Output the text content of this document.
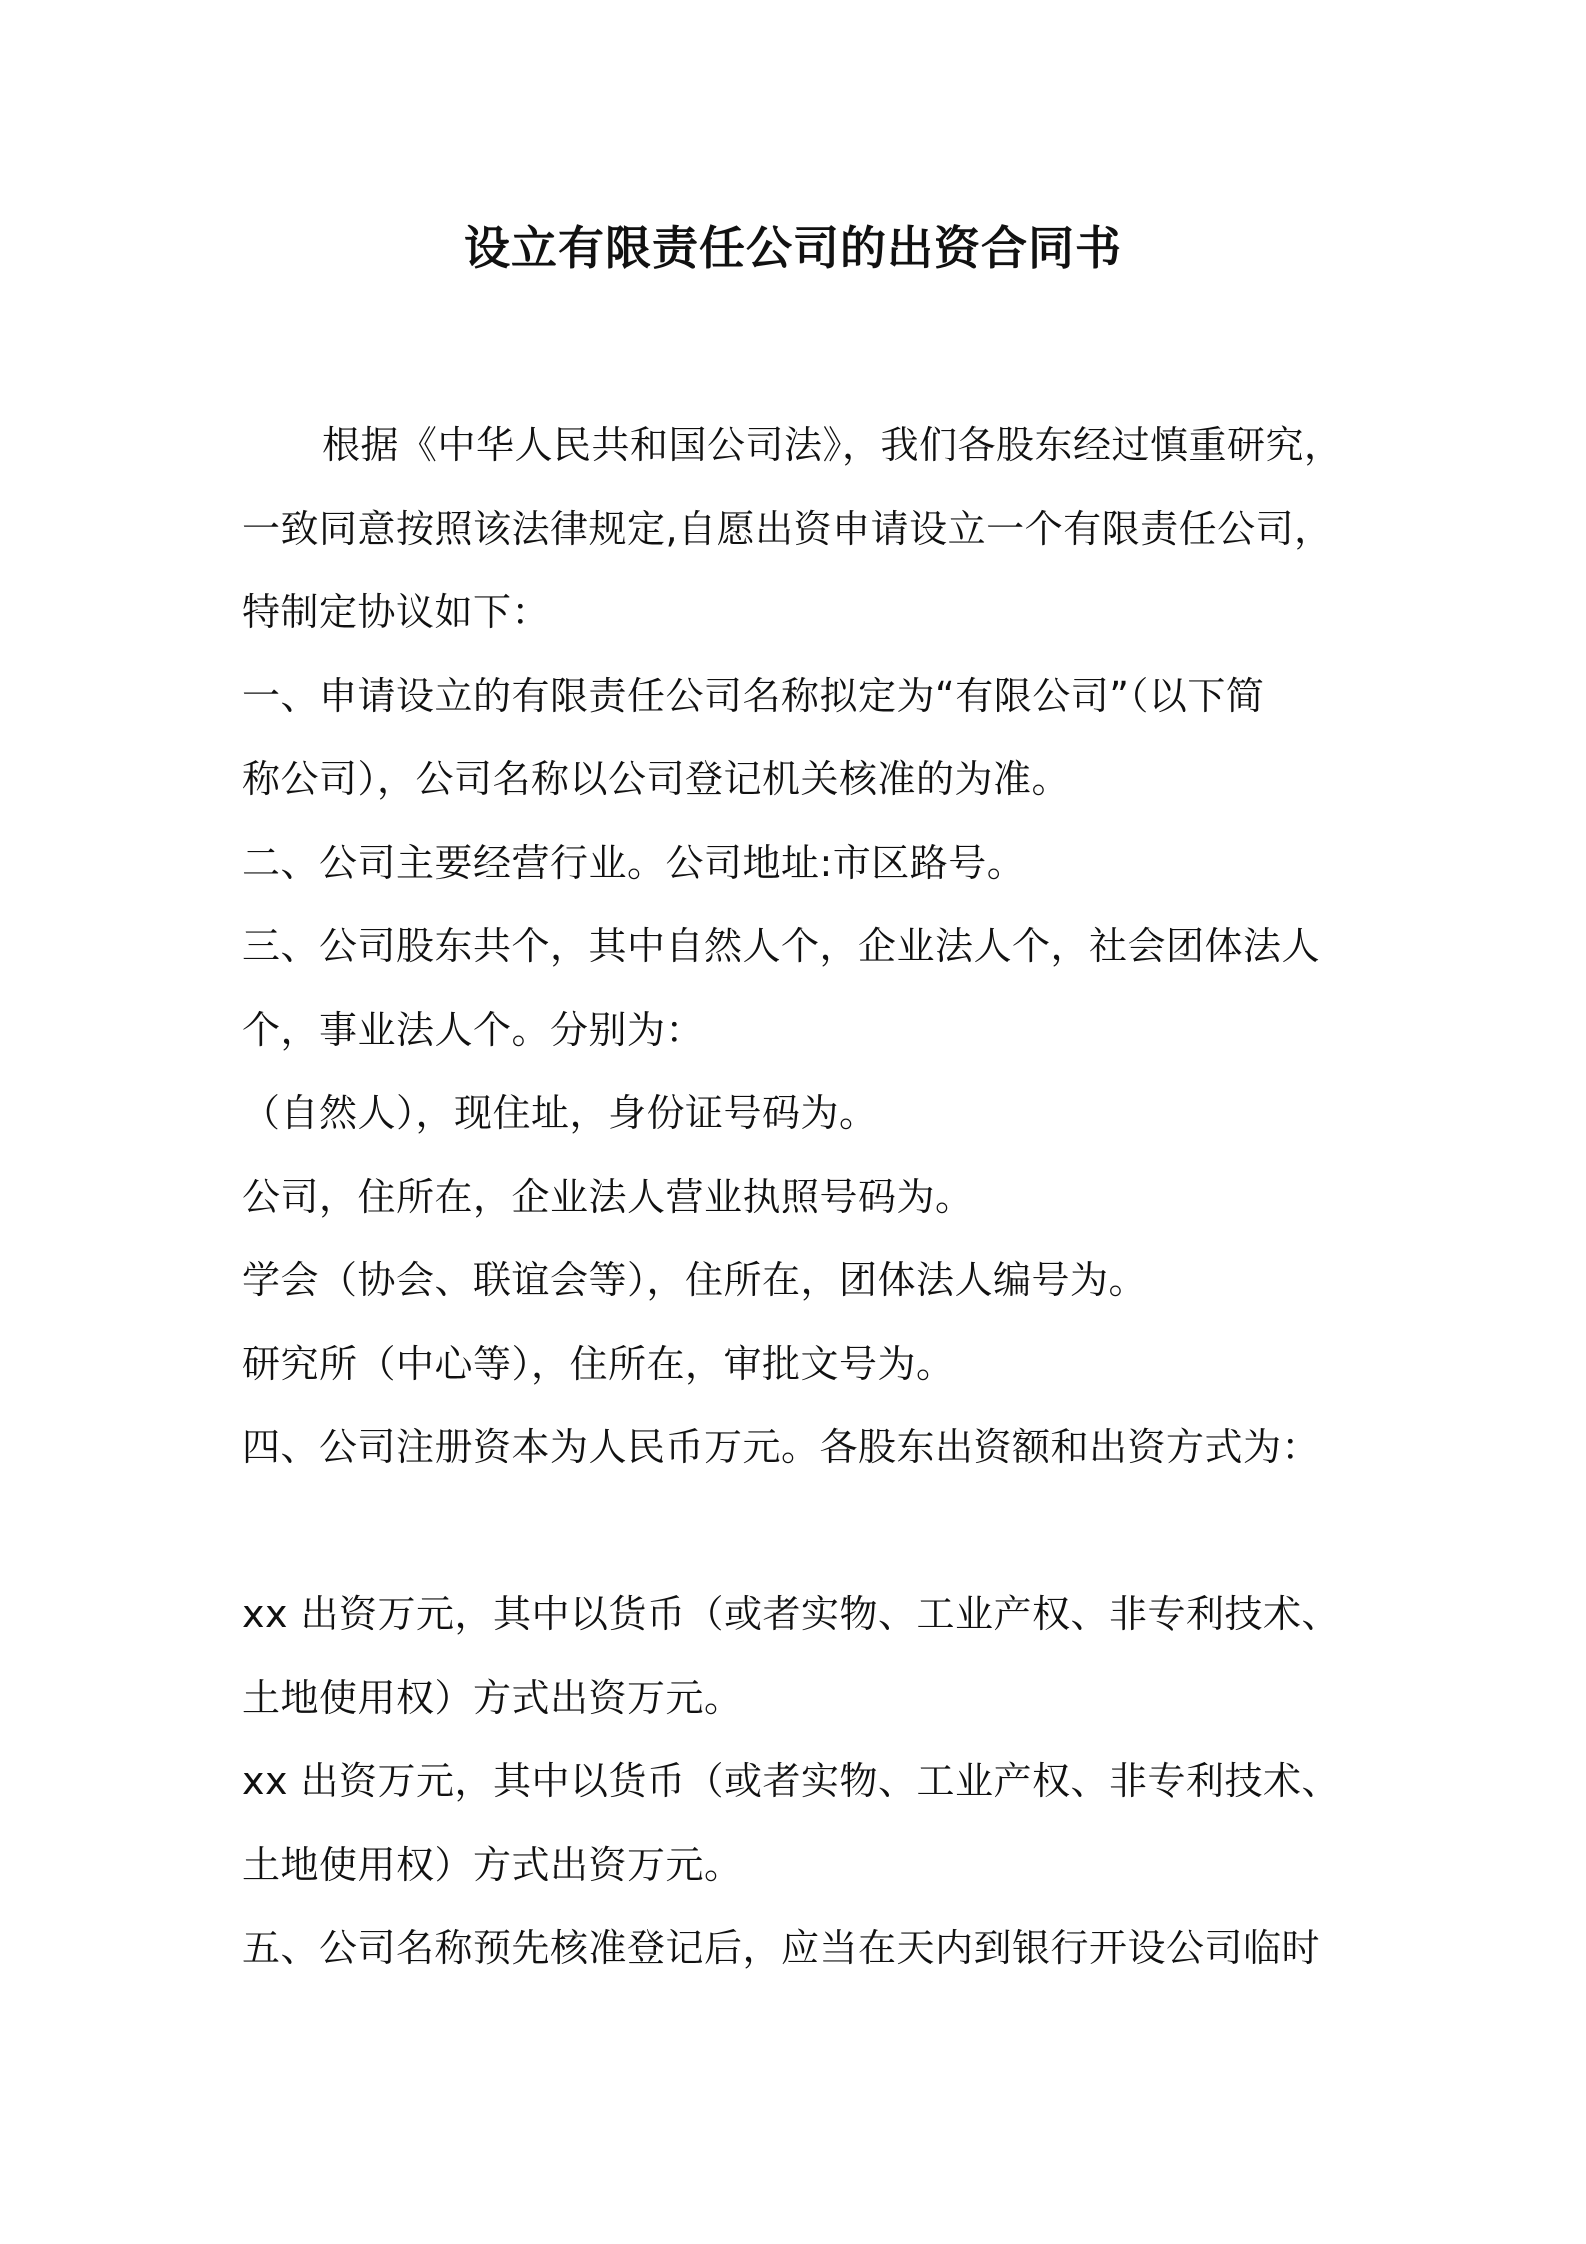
设立有限责任公司的出资合同书
根据《中华人民共和国公司法》，我们各股东经过慎重研究，
一致同意按照该法律规定,自愿出资申请设立一个有限责任公司，
特制定协议如下：
一、申请设立的有限责任公司名称拟定为“有限公司”（以下简
称公司），公司名称以公司登记机关核准的为准。
二、公司主要经营行业。公司地址:市区路号。
三、公司股东共个，其中自然人个，企业法人个，社会团体法人
个，事业法人个。分别为：
（自然人），现住址，身份证号码为。
公司，住所在，企业法人营业执照号码为。
学会（协会、联谊会等），住所在，团体法人编号为。
研究所（中心等），住所在，审批文号为。
四、公司注册资本为人民币万元。各股东出资额和出资方式为：
xx 出资万元，其中以货币（或者实物、工业产权、非专利技术、
土地使用权）方式出资万元。
xx 出资万元，其中以货币（或者实物、工业产权、非专利技术、
土地使用权）方式出资万元。
五、公司名称预先核准登记后，应当在天内到银行开设公司临时
